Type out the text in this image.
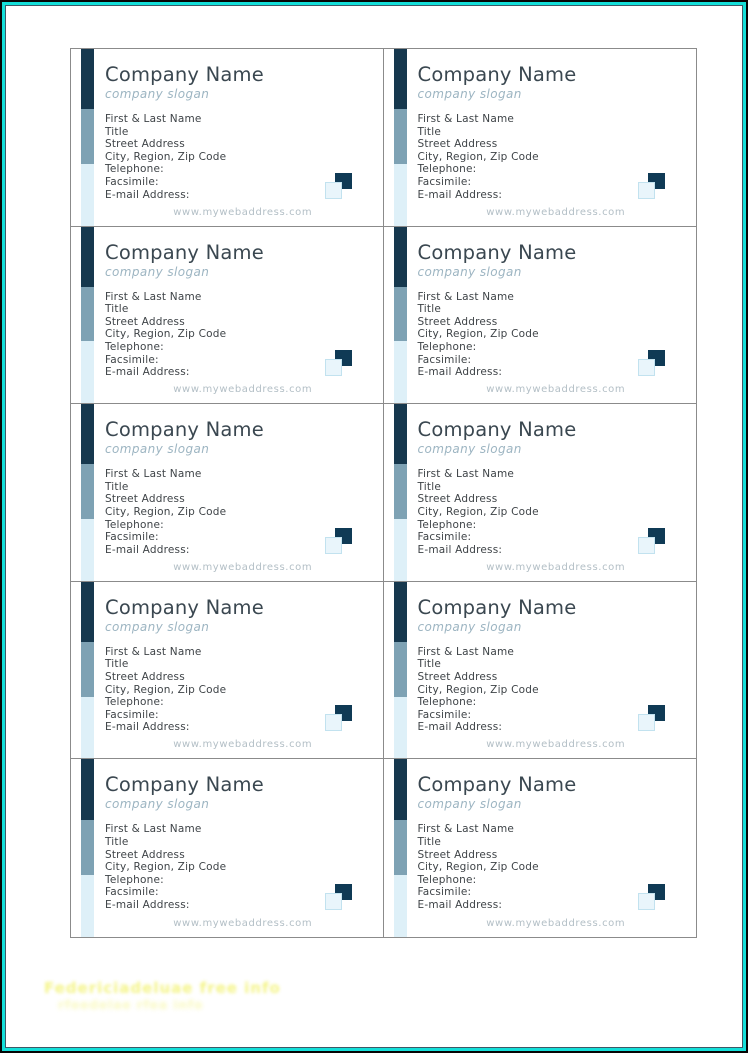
Company Name
company slogan
First & Last Name
Title
Street Address
City, Region, Zip Code
Telephone:
Facsimile:
E-mail Address:
www.mywebaddress.com
Company Name
company slogan
First & Last Name
Title
Street Address
City, Region, Zip Code
Telephone:
Facsimile:
E-mail Address:
www.mywebaddress.com
Company Name
company slogan
First & Last Name
Title
Street Address
City, Region, Zip Code
Telephone:
Facsimile:
E-mail Address:
www.mywebaddress.com
Company Name
company slogan
First & Last Name
Title
Street Address
City, Region, Zip Code
Telephone:
Facsimile:
E-mail Address:
www.mywebaddress.com
Company Name
company slogan
First & Last Name
Title
Street Address
City, Region, Zip Code
Telephone:
Facsimile:
E-mail Address:
www.mywebaddress.com
Company Name
company slogan
First & Last Name
Title
Street Address
City, Region, Zip Code
Telephone:
Facsimile:
E-mail Address:
www.mywebaddress.com
Company Name
company slogan
First & Last Name
Title
Street Address
City, Region, Zip Code
Telephone:
Facsimile:
E-mail Address:
www.mywebaddress.com
Company Name
company slogan
First & Last Name
Title
Street Address
City, Region, Zip Code
Telephone:
Facsimile:
E-mail Address:
www.mywebaddress.com
Company Name
company slogan
First & Last Name
Title
Street Address
City, Region, Zip Code
Telephone:
Facsimile:
E-mail Address:
www.mywebaddress.com
Company Name
company slogan
First & Last Name
Title
Street Address
City, Region, Zip Code
Telephone:
Facsimile:
E-mail Address:
www.mywebaddress.com
Federiciadeluae free info
rfeedelae rfea info
